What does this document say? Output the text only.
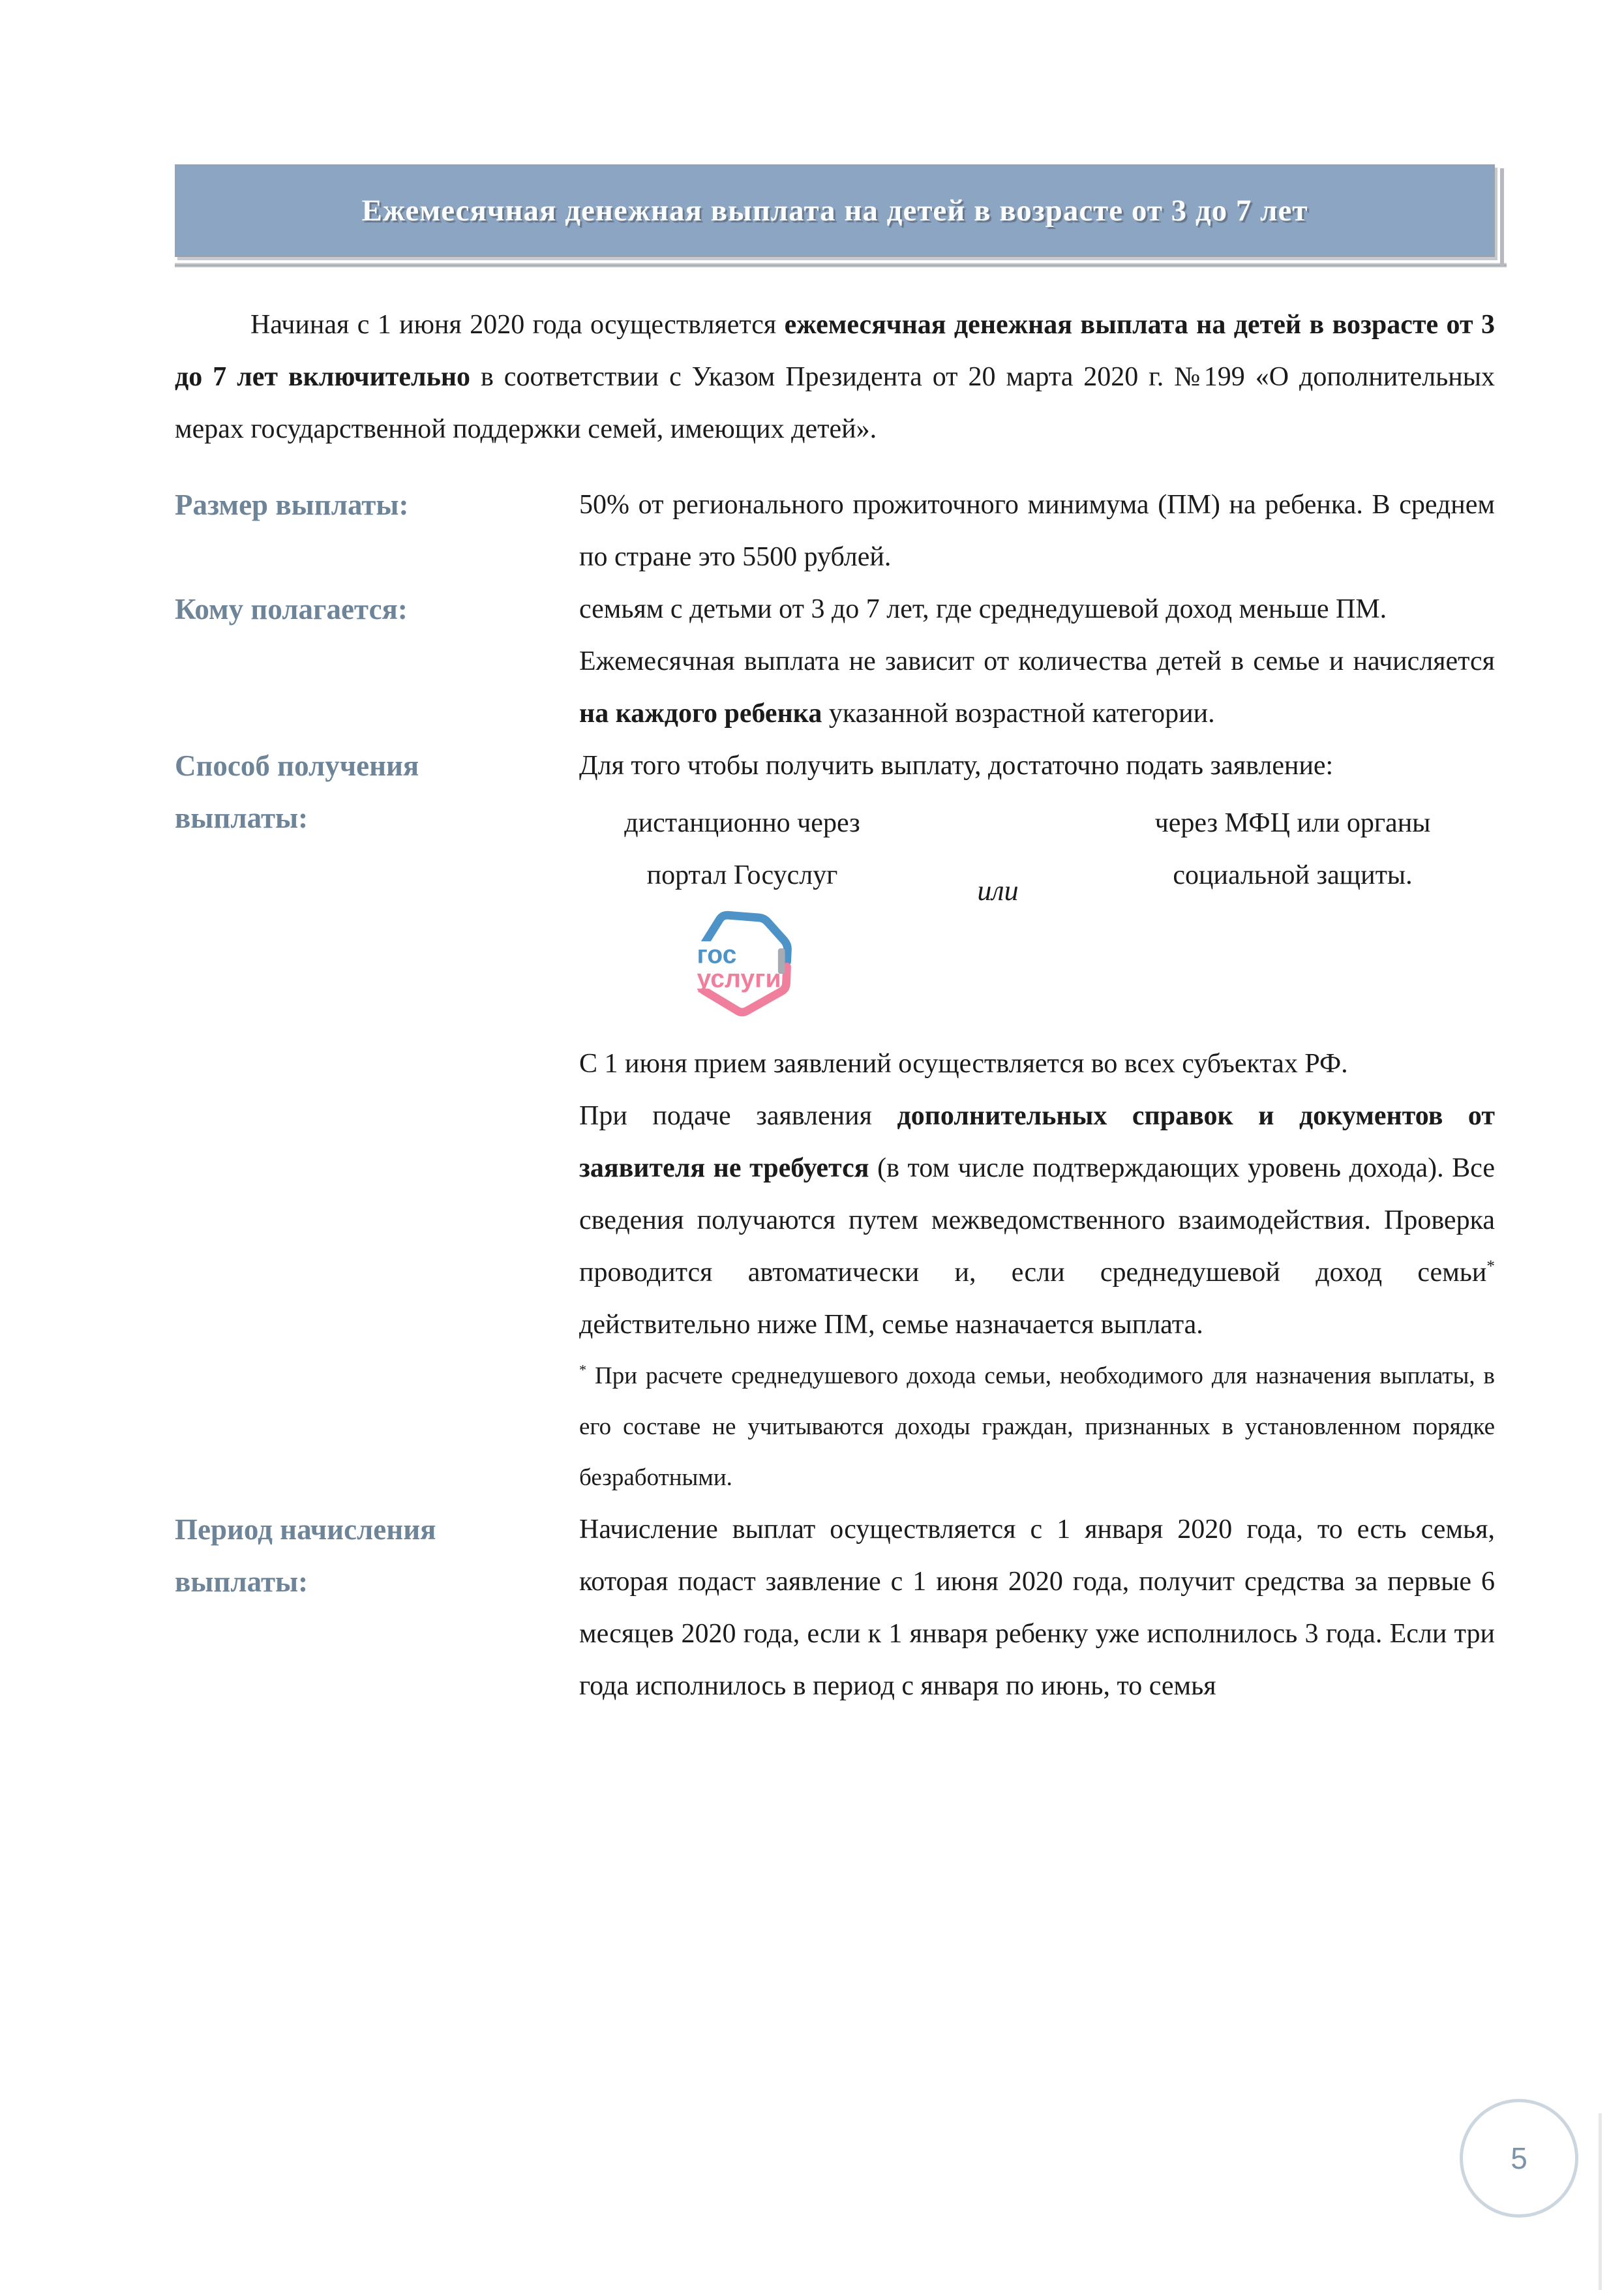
Ежемесячная денежная выплата на детей в возрасте от 3 до 7 лет

Начиная с 1 июня 2020 года осуществляется ежемесячная денежная выплата на детей в возрасте от 3 до 7 лет включительно в соответствии с Указом Президента от 20 марта 2020 г. №199 «О дополнительных мерах государственной поддержки семей, имеющих детей».

Размер выплаты:	50% от регионального прожиточного минимума (ПМ) на ребенка. В среднем по стране это 5500 рублей.
Кому полагается:	семьям с детьми от 3 до 7 лет, где среднедушевой доход меньше ПМ.

Ежемесячная выплата не зависит от количества детей в семье и начисляется на каждого ребенка указанной возрастной категории.

Способ получения выплаты:

Для того чтобы получить выплату, достаточно подать заявление:

дистанционно через
портал Госуслуг
гос
услуги
или
через МФЦ или органы
социальной защиты.

С 1 июня прием заявлений осуществляется во всех субъектах РФ.

При подаче заявления дополнительных справок и документов от заявителя не требуется (в том числе подтверждающих уровень дохода). Все сведения получаются путем межведомственного взаимодействия. Проверка проводится автоматически и, если среднедушевой доход семьи* действительно ниже ПМ, семье назначается выплата.

* При расчете среднедушевого дохода семьи, необходимого для назначения выплаты, в его составе не учитываются доходы граждан, признанных в установленном порядке безработными.

Период начисления выплаты:
Начисление выплат осуществляется с 1 января 2020 года, то есть семья, которая подаст заявление с 1 июня 2020 года, получит средства за первые 6 месяцев 2020 года, если к 1 января ребенку уже исполнилось 3 года. Если три года исполнилось в период с января по июнь, то семья
5
